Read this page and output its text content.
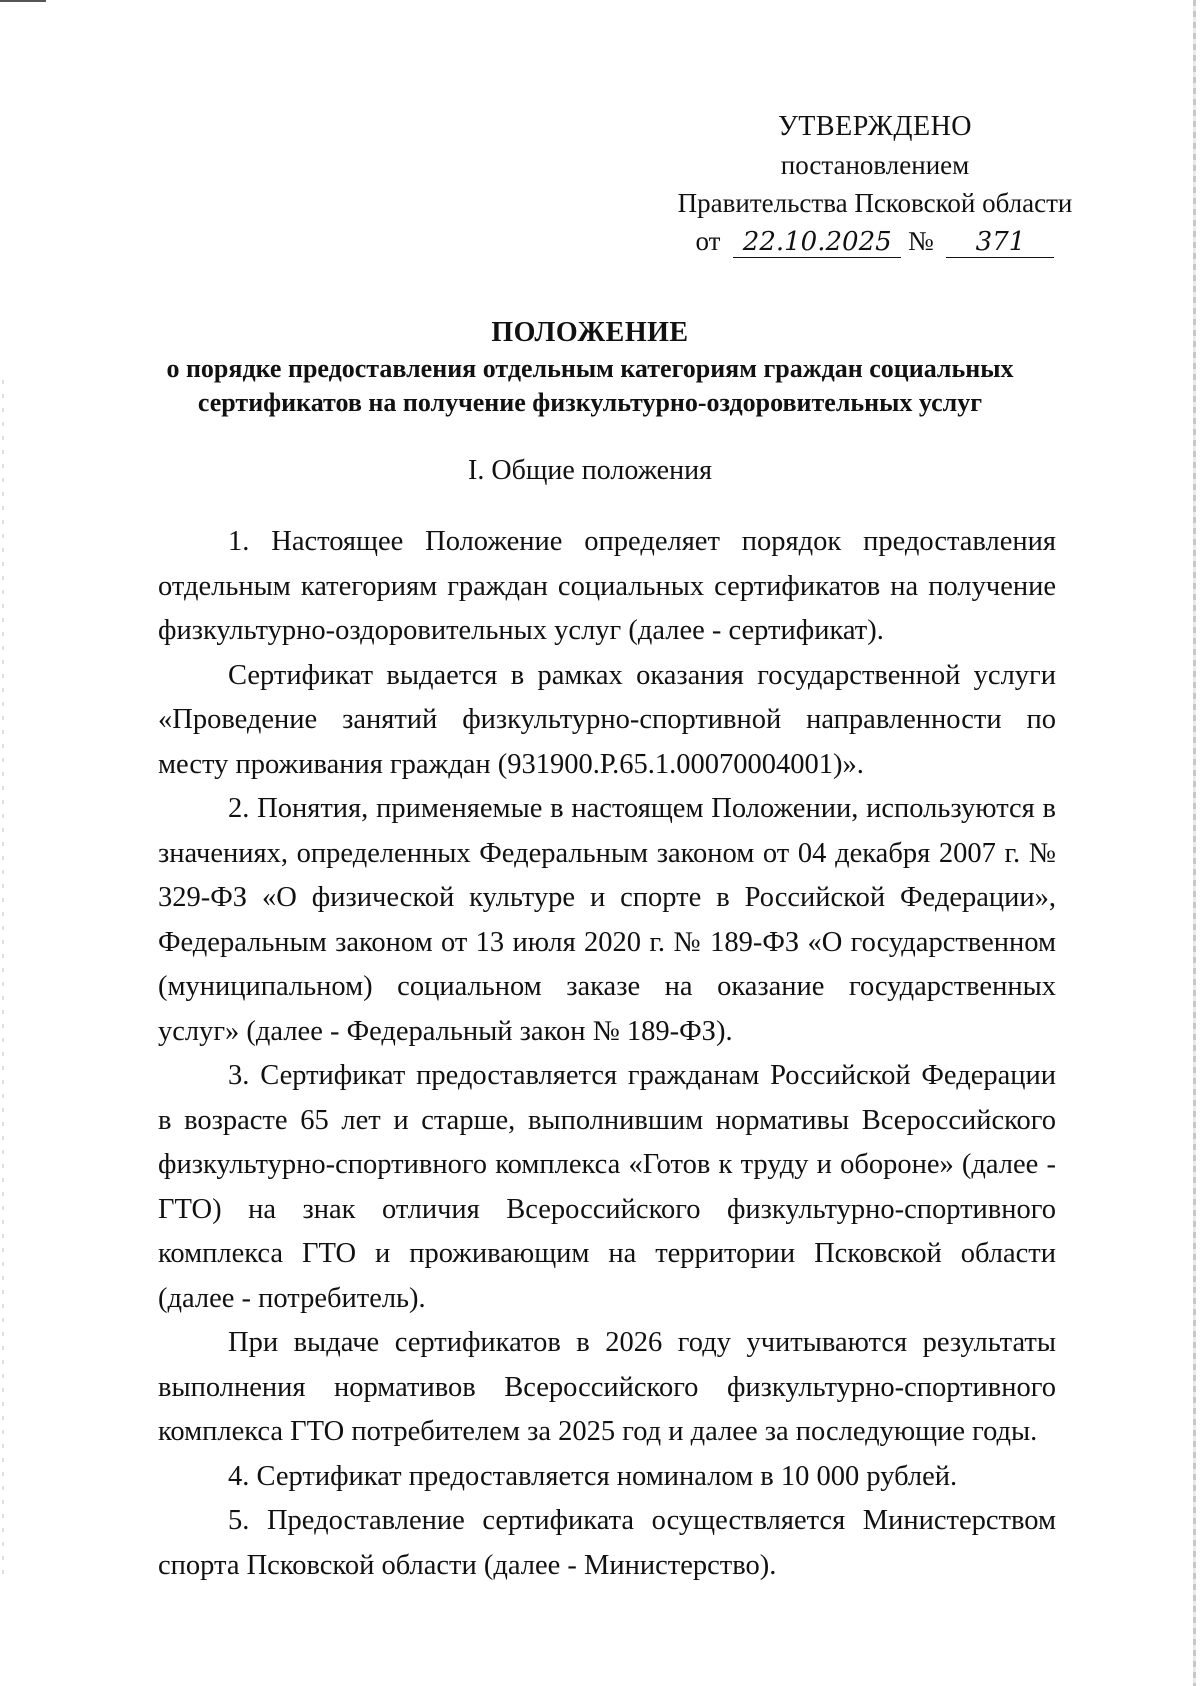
УТВЕРЖДЕНО
постановлением
Правительства Псковской области
от 22.10.2025 № 371
ПОЛОЖЕНИЕ
о порядке предоставления отдельным категориям граждан социальных сертификатов на получение физкультурно-оздоровительных услуг
I. Общие положения

1. Настоящее Положение определяет порядок предоставления отдельным категориям граждан социальных сертификатов на получение физкультурно-оздоровительных услуг (далее - сертификат).

Сертификат выдается в рамках оказания государственной услуги «Проведение занятий физкультурно-спортивной направленности по месту проживания граждан (931900.Р.65.1.00070004001)».

2. Понятия, применяемые в настоящем Положении, используются в значениях, определенных Федеральным законом от 04 декабря 2007 г. № 329-ФЗ «О физической культуре и спорте в Российской Федерации», Федеральным законом от 13 июля 2020 г. № 189-ФЗ «О государственном (муниципальном) социальном заказе на оказание государственных услуг» (далее - Федеральный закон № 189-ФЗ).

3. Сертификат предоставляется гражданам Российской Федерации в возрасте 65 лет и старше, выполнившим нормативы Всероссийского физкультурно-спортивного комплекса «Готов к труду и обороне» (далее - ГТО) на знак отличия Всероссийского физкультурно-спортивного комплекса ГТО и проживающим на территории Псковской области (далее - потребитель).

При выдаче сертификатов в 2026 году учитываются результаты выполнения нормативов Всероссийского физкультурно-спортивного комплекса ГТО потребителем за 2025 год и далее за последующие годы.

4. Сертификат предоставляется номиналом в 10 000 рублей.

5. Предоставление сертификата осуществляется Министерством спорта Псковской области (далее - Министерство).
